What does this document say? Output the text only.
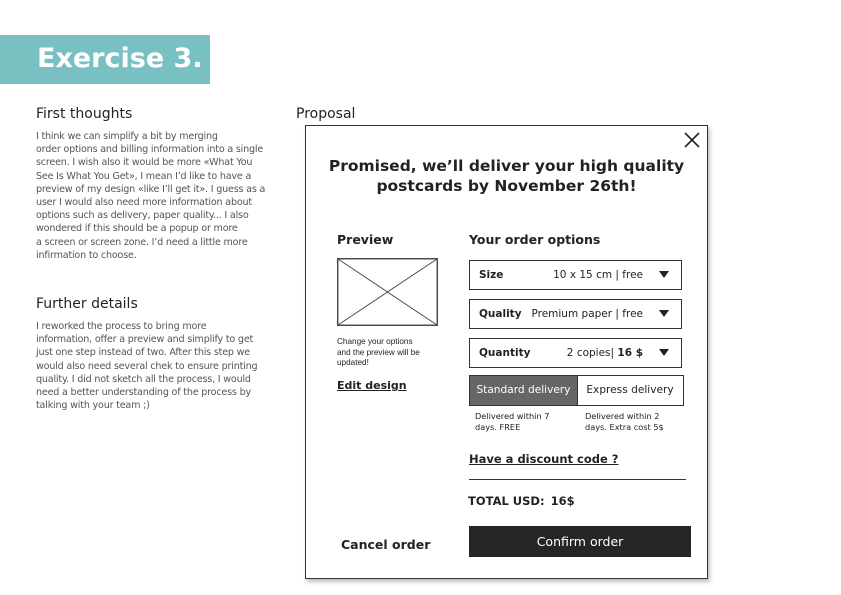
Exercise 3.
First thoughts
I think we can simplify a bit by merging
order options and billing information into a single
screen. I wish also it would be more «What You
See Is What You Get», I mean I’d like to have a
preview of my design «like I’ll get it». I guess as a
user I would also need more information about
options such as delivery, paper quality... I also
wondered if this should be a popup or more
a screen or screen zone. I’d need a little more
infirmation to choose.
Further details
I reworked the process to bring more
information, offer a preview and simplify to get
just one step instead of two. After this step we
would also need several chek to ensure printing
quality. I did not sketch all the process, I would
need a better understanding of the process by
talking with your team ;)
Proposal
Promised, we’ll deliver your high quality
postcards by November 26th!
Preview
Change your options
and the preview will be
updated!
Edit design
Your order options
Size	10 x 15 cm | free
Quality Premium paper | free
Quantity	2 copies| 16 $
Standard delivery	Express delivery
Delivered within 7
days. FREE
Delivered within 2
days. Extra cost 5$
Have a discount code ?
TOTAL USD: 16$
Cancel order	Confirm order
